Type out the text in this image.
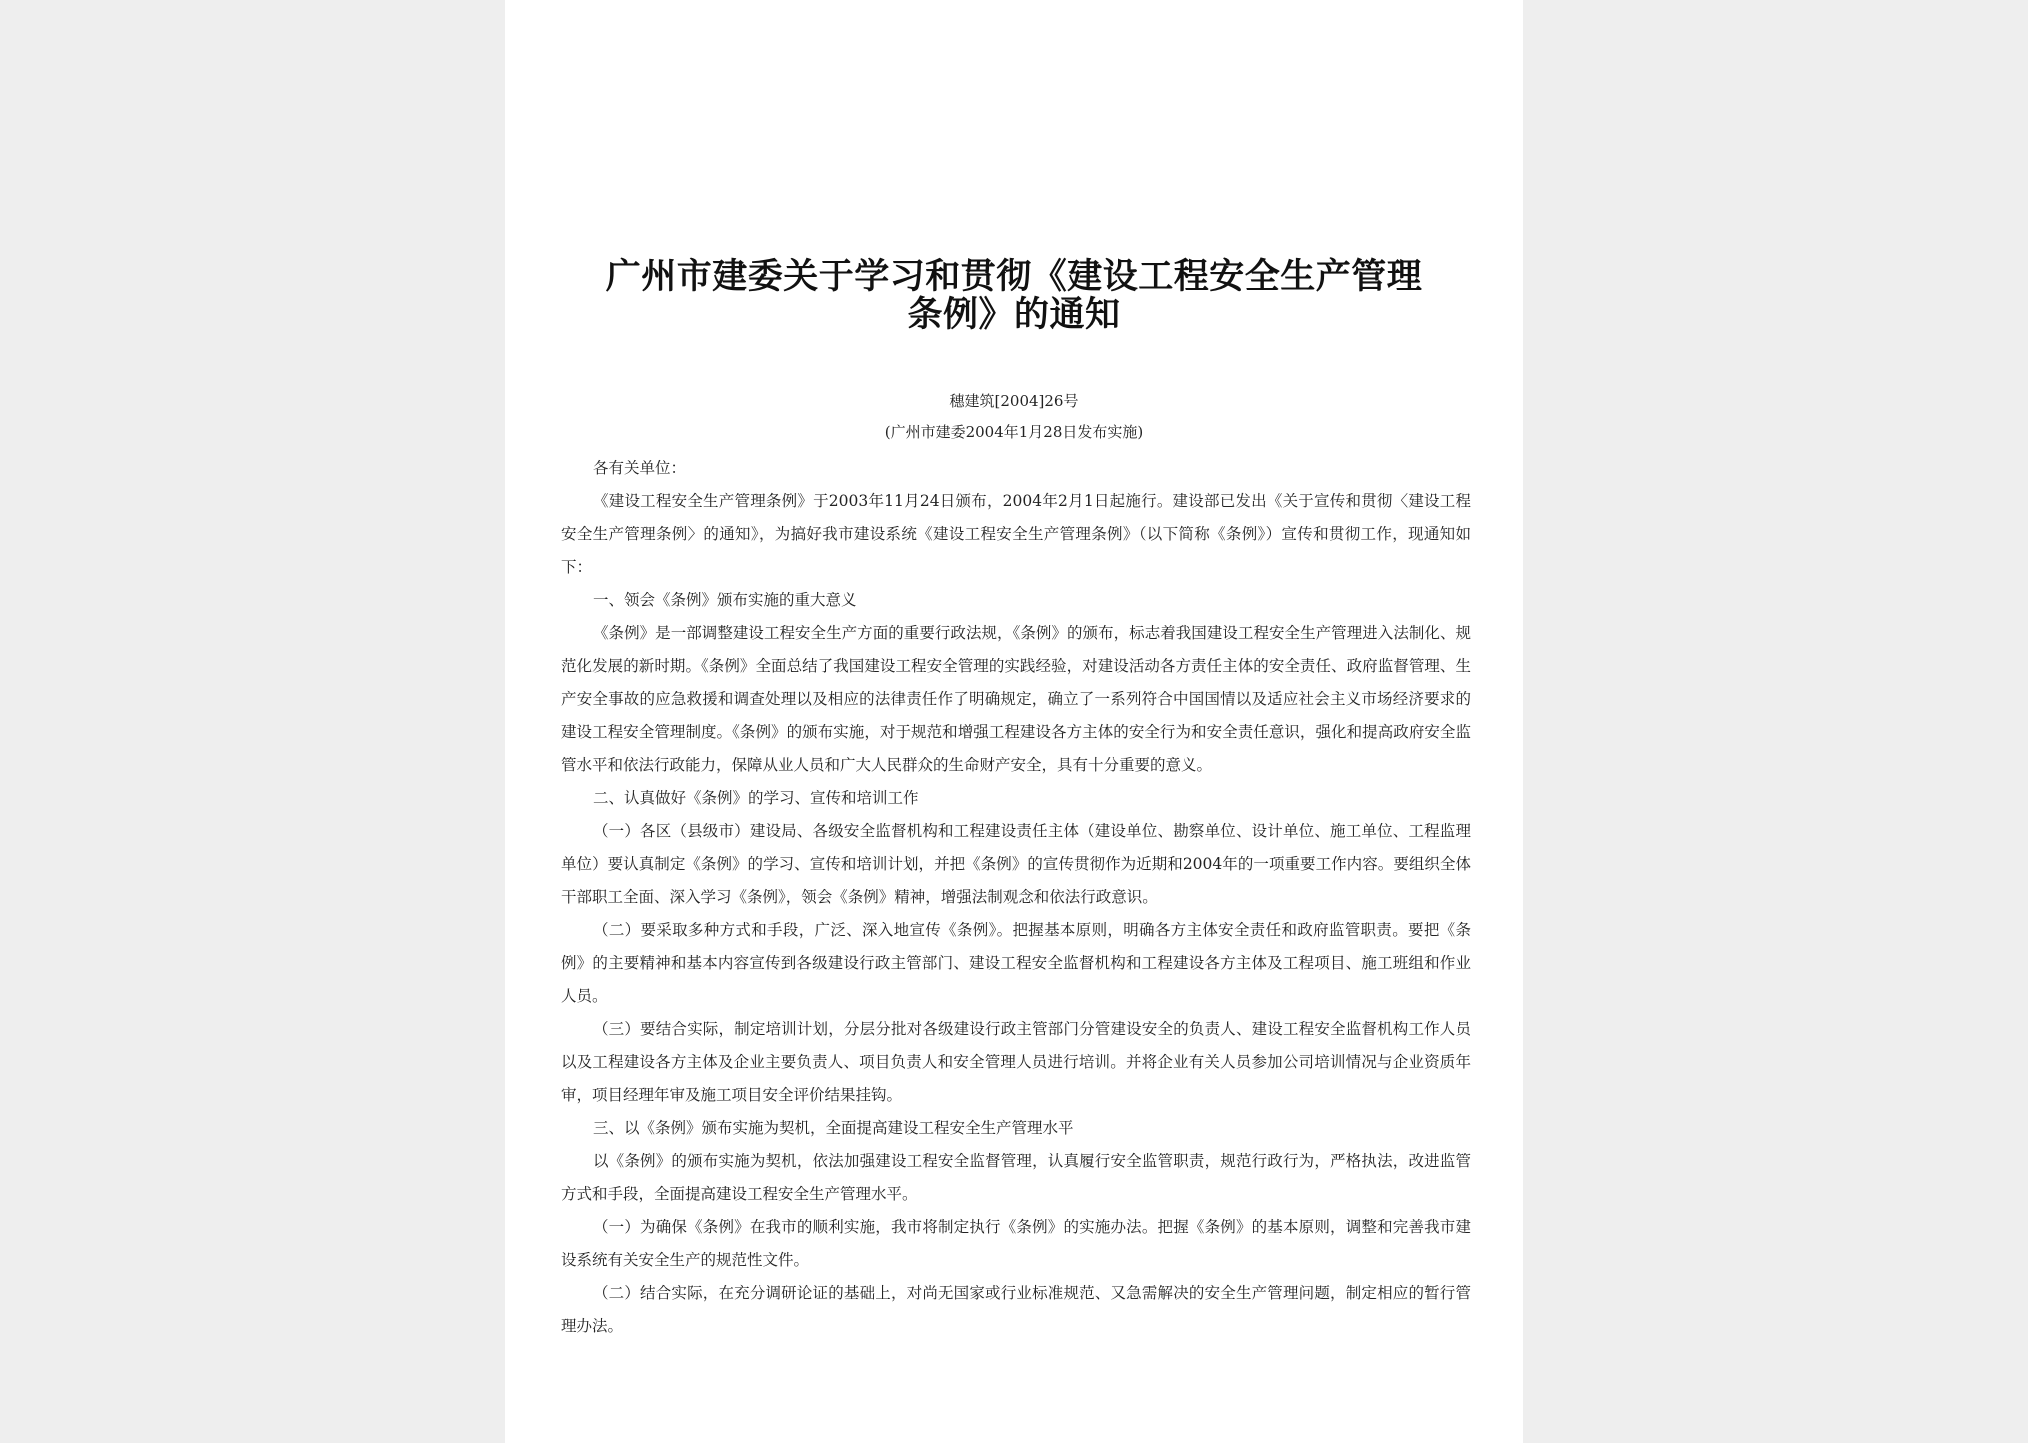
广州市建委关于学习和贯彻《建设工程安全生产管理
条例》的通知
穗建筑[2004]26号
(广州市建委2004年1月28日发布实施)

各有关单位：

《建设工程安全生产管理条例》于2003年11月24日颁布，2004年2月1日起施行。建设部已发出《关于宣传和贯彻〈建设工程安全生产管理条例〉的通知》，为搞好我市建设系统《建设工程安全生产管理条例》（以下简称《条例》）宣传和贯彻工作，现通知如下：

一、领会《条例》颁布实施的重大意义

《条例》是一部调整建设工程安全生产方面的重要行政法规，《条例》的颁布，标志着我国建设工程安全生产管理进入法制化、规范化发展的新时期。《条例》全面总结了我国建设工程安全管理的实践经验，对建设活动各方责任主体的安全责任、政府监督管理、生产安全事故的应急救援和调查处理以及相应的法律责任作了明确规定，确立了一系列符合中国国情以及适应社会主义市场经济要求的建设工程安全管理制度。《条例》的颁布实施，对于规范和增强工程建设各方主体的安全行为和安全责任意识，强化和提高政府安全监管水平和依法行政能力，保障从业人员和广大人民群众的生命财产安全，具有十分重要的意义。

二、认真做好《条例》的学习、宣传和培训工作

（一）各区（县级市）建设局、各级安全监督机构和工程建设责任主体（建设单位、勘察单位、设计单位、施工单位、工程监理单位）要认真制定《条例》的学习、宣传和培训计划，并把《条例》的宣传贯彻作为近期和2004年的一项重要工作内容。要组织全体干部职工全面、深入学习《条例》，领会《条例》精神，增强法制观念和依法行政意识。

（二）要采取多种方式和手段，广泛、深入地宣传《条例》。把握基本原则，明确各方主体安全责任和政府监管职责。要把《条例》的主要精神和基本内容宣传到各级建设行政主管部门、建设工程安全监督机构和工程建设各方主体及工程项目、施工班组和作业人员。

（三）要结合实际，制定培训计划，分层分批对各级建设行政主管部门分管建设安全的负责人、建设工程安全监督机构工作人员以及工程建设各方主体及企业主要负责人、项目负责人和安全管理人员进行培训。并将企业有关人员参加公司培训情况与企业资质年审，项目经理年审及施工项目安全评价结果挂钩。

三、以《条例》颁布实施为契机，全面提高建设工程安全生产管理水平

以《条例》的颁布实施为契机，依法加强建设工程安全监督管理，认真履行安全监管职责，规范行政行为，严格执法，改进监管方式和手段，全面提高建设工程安全生产管理水平。

（一）为确保《条例》在我市的顺利实施，我市将制定执行《条例》的实施办法。把握《条例》的基本原则，调整和完善我市建设系统有关安全生产的规范性文件。

（二）结合实际，在充分调研论证的基础上，对尚无国家或行业标准规范、又急需解决的安全生产管理问题，制定相应的暂行管理办法。
